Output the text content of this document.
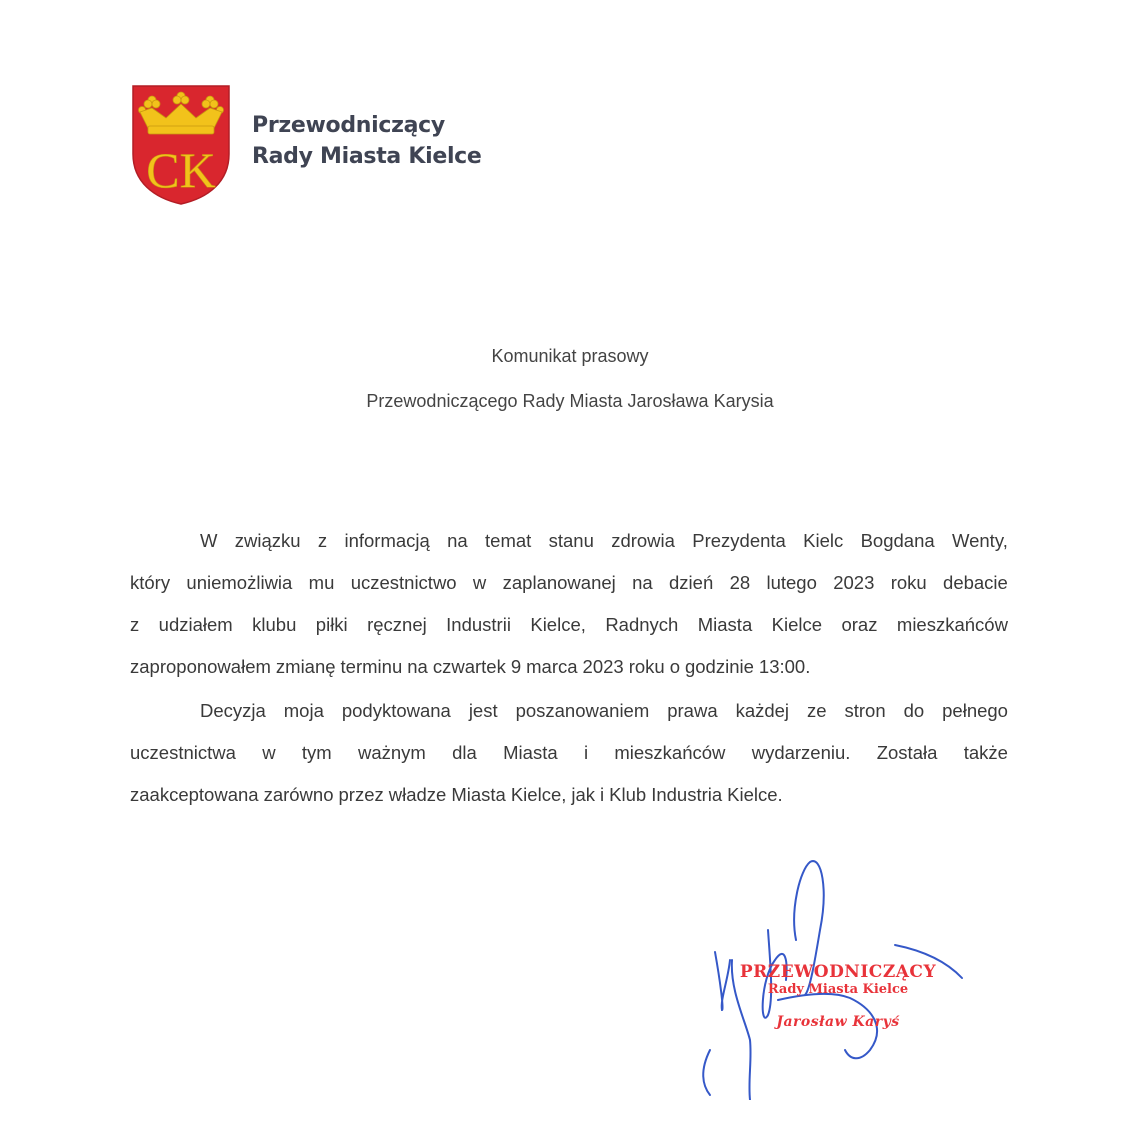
CK
Przewodniczący
Rady Miasta Kielce
Komunikat prasowy
Przewodniczącego Rady Miasta Jarosława Karysia
W związku z informacją na temat stanu zdrowia Prezydenta Kielc Bogdana Wenty,
który uniemożliwia mu uczestnictwo w zaplanowanej na dzień 28 lutego 2023 roku debacie
z udziałem klubu piłki ręcznej Industrii Kielce, Radnych Miasta Kielce oraz mieszkańców
zaproponowałem zmianę terminu na czwartek 9 marca 2023 roku o godzinie 13:00.
Decyzja moja podyktowana jest poszanowaniem prawa każdej ze stron do pełnego
uczestnictwa w tym ważnym dla Miasta i mieszkańców wydarzeniu. Została także
zaakceptowana zarówno przez władze Miasta Kielce, jak i Klub Industria Kielce.
PRZEWODNICZĄCY
Rady Miasta Kielce
Jarosław Karyś
